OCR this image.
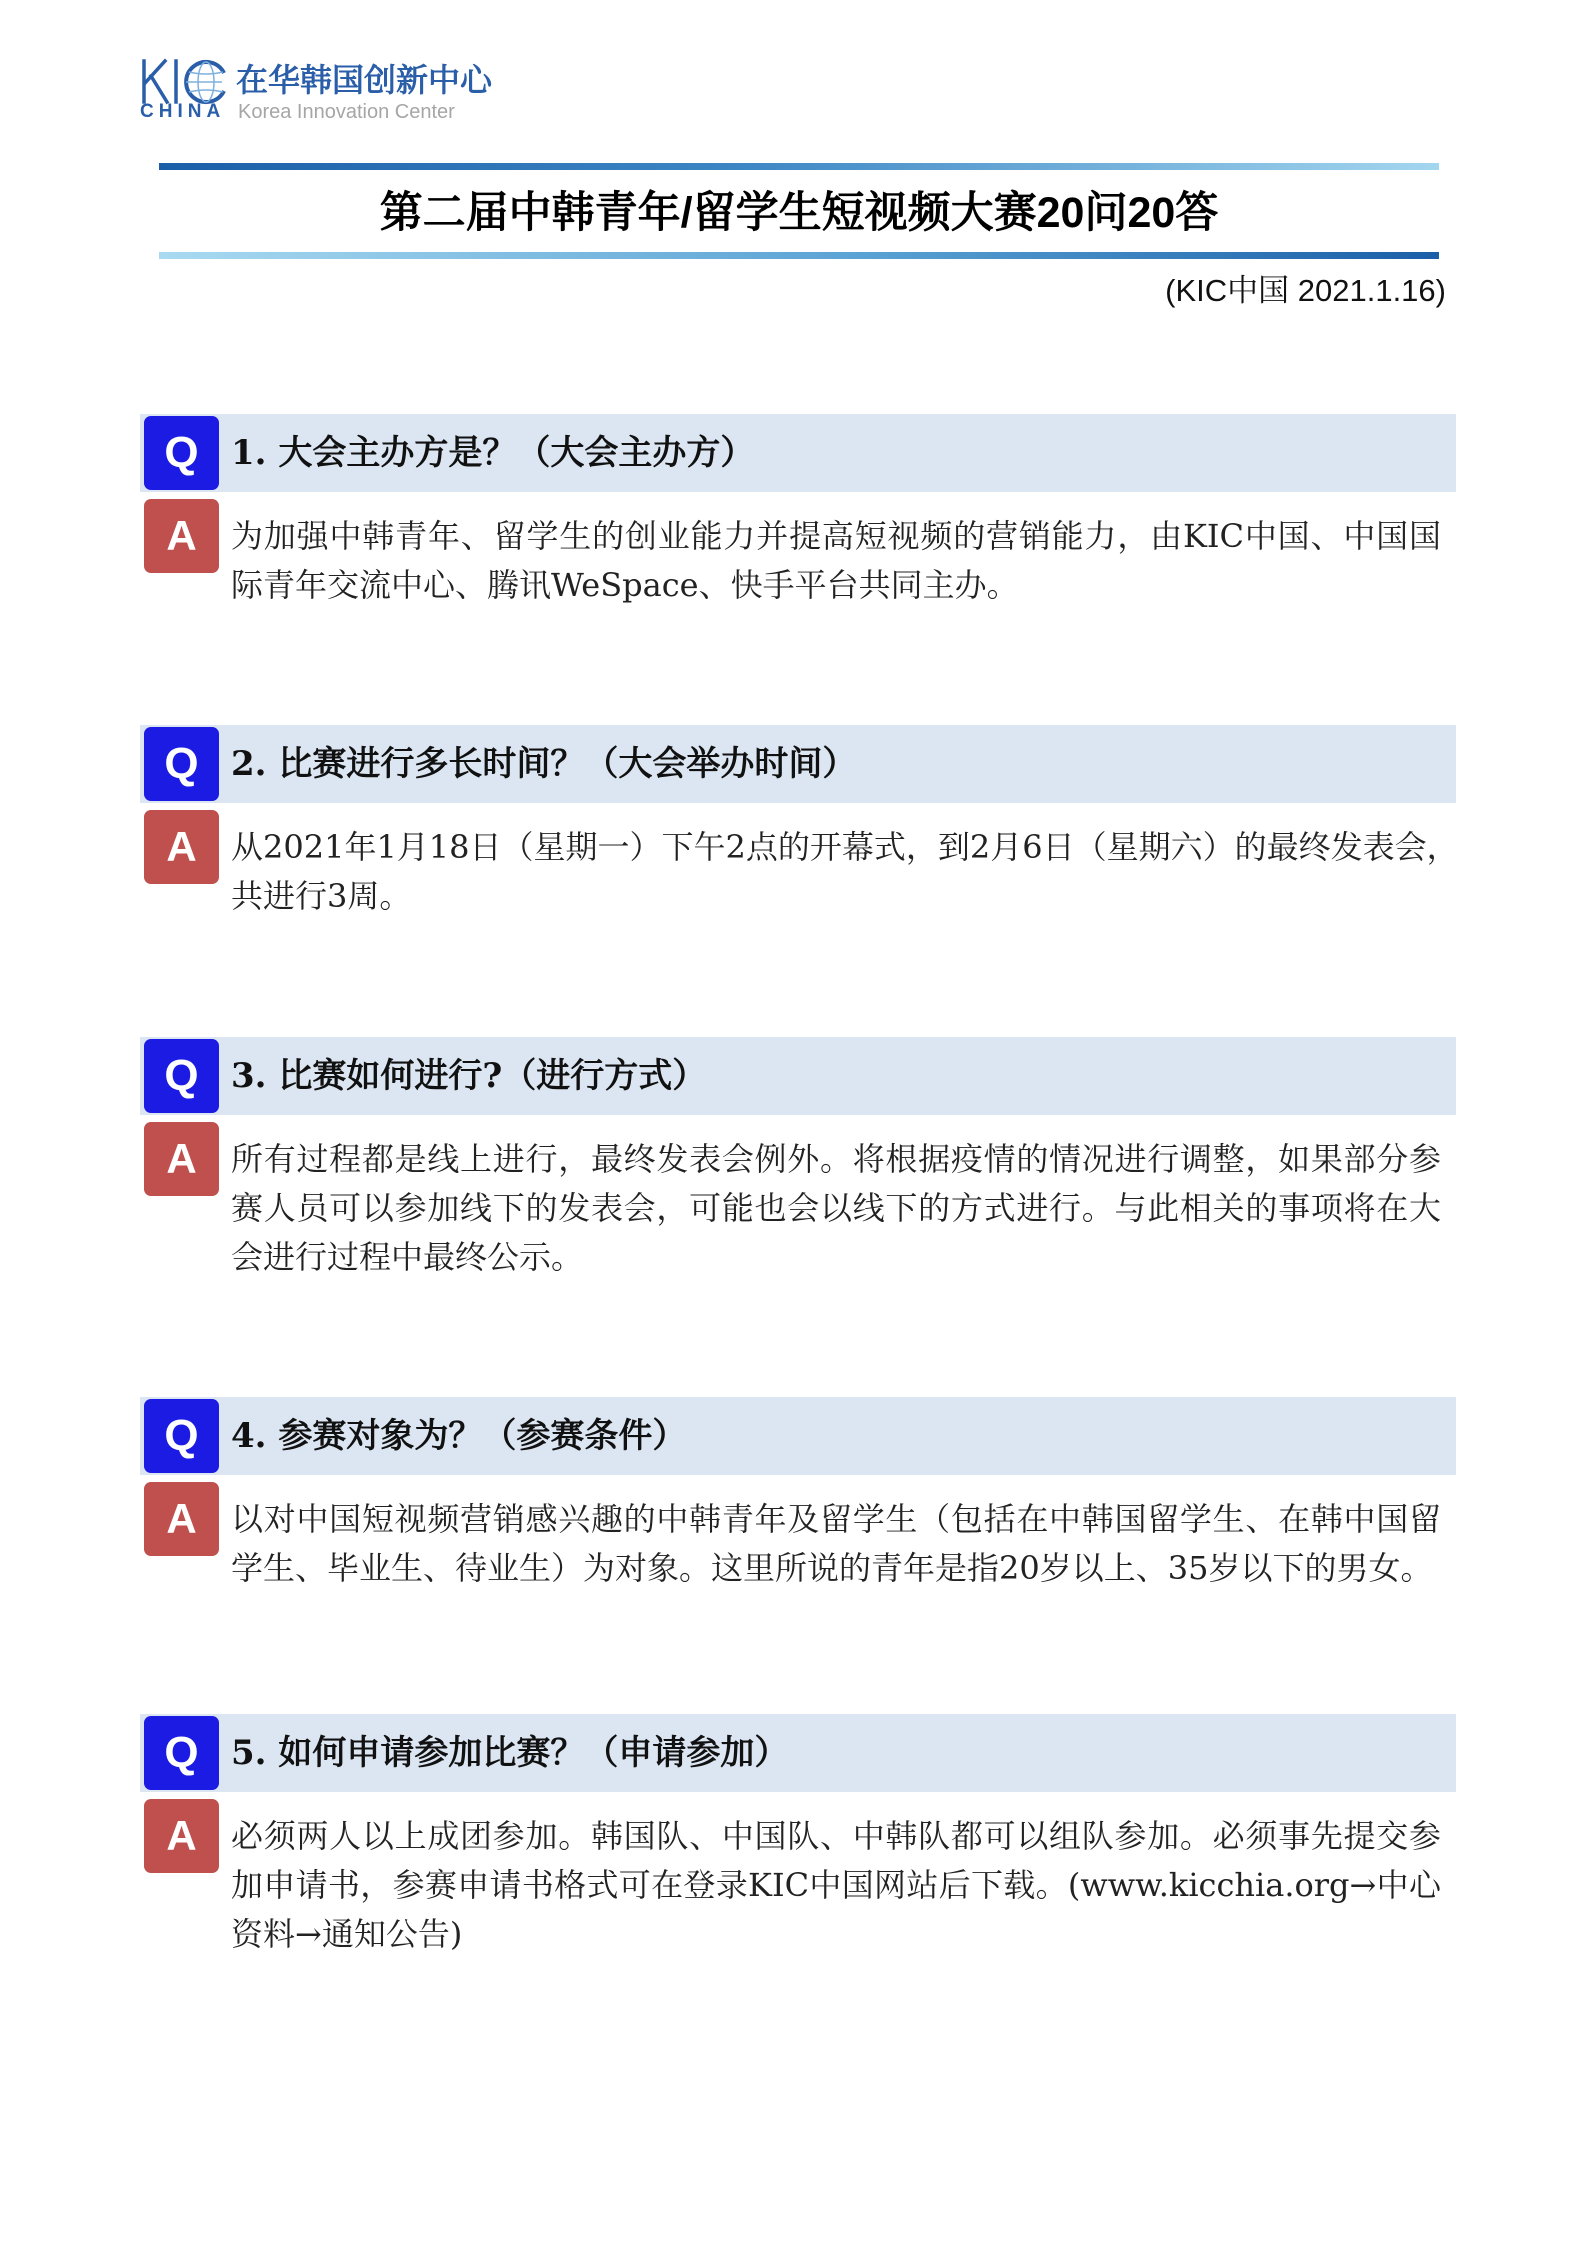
在华韩国创新中心
CHINA Korea Innovation Center
第二届中韩青年/留学生短视频大赛20问20答
(KIC中国 2021.1.16)
Q 1. 大会主办方是？（大会主办方）
A	为加强中韩青年、留学生的创业能力并提高短视频的营销能力，由KIC中国、中国国
际青年交流中心、腾讯WeSpace、快手平台共同主办。
Q 2. 比赛进行多长时间？（大会举办时间）
A	从2021年1月18日（星期一）下午2点的开幕式，到2月6日（星期六）的最终发表会，
共进行3周。
Q 3. 比赛如何进行?（进行方式）
A	所有过程都是线上进行，最终发表会例外。将根据疫情的情况进行调整，如果部分参
赛人员可以参加线下的发表会，可能也会以线下的方式进行。与此相关的事项将在大
会进行过程中最终公示。
Q 4. 参赛对象为？（参赛条件）
A	以对中国短视频营销感兴趣的中韩青年及留学生（包括在中韩国留学生、在韩中国留
学生、毕业生、待业生）为对象。这里所说的青年是指20岁以上、35岁以下的男女。
Q 5. 如何申请参加比赛？（申请参加）
A	必须两人以上成团参加。韩国队、中国队、中韩队都可以组队参加。必须事先提交参
加申请书，参赛申请书格式可在登录KIC中国网站后下载。(www.kicchia.org→中心
资料→通知公告)
